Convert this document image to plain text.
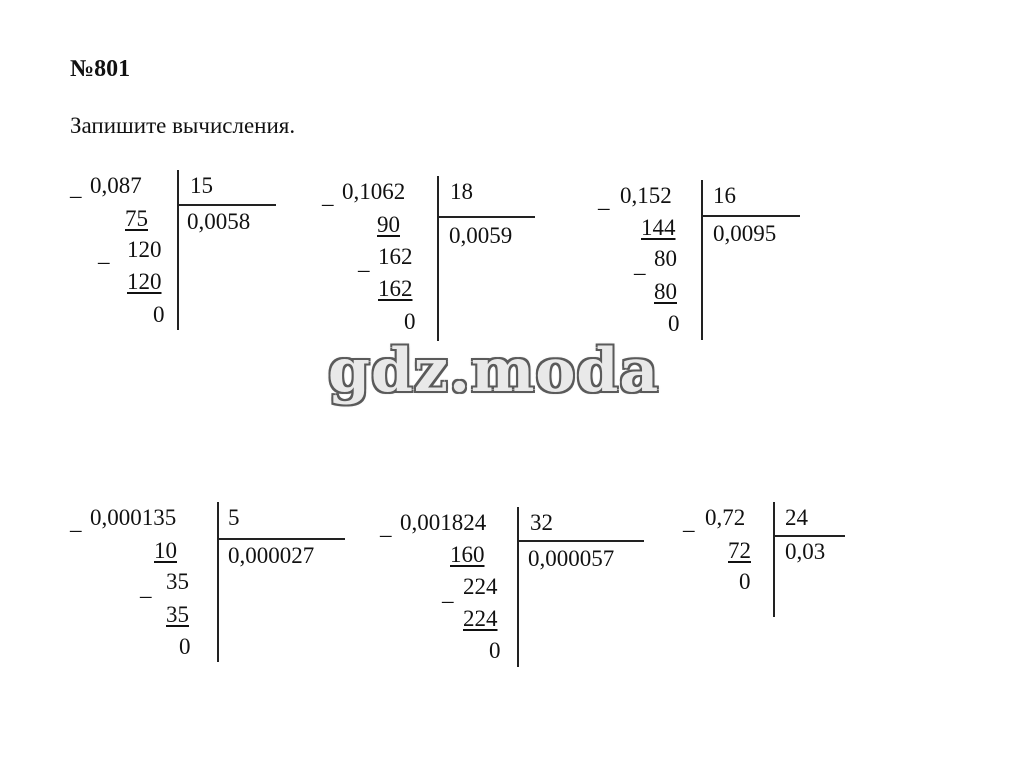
№801

Запишите вычисления.

_ 0,087 15
0,0058
75
_ 120
120
0
_ 0,1062 18
0,0059
90
_ 162
162
0
_ 0,152 16
0,0095
144
_ 80
80
0
_ 0,000135 5
0,000027
10
_ 35
35
0
_ 0,001824 32
0,000057
160
_ 224
224
0
_ 0,72 24
0,03
72
0
gdz.moda
